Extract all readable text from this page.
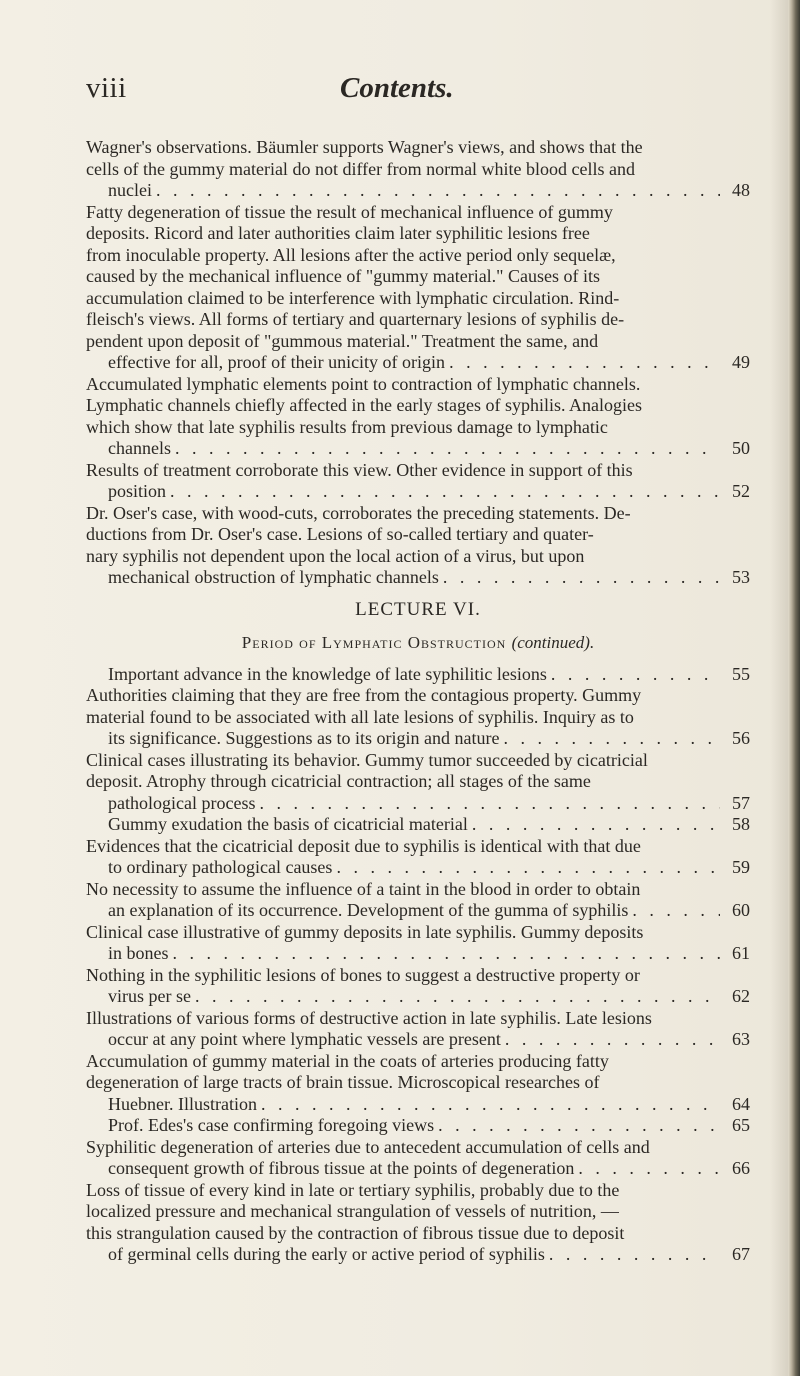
viii	Contents.
Wagner's observations. Bäumler supports Wagner's views, and shows that the
cells of the gummy material do not differ from normal white blood cells and
nuclei . . .	48
Fatty degeneration of tissue the result of mechanical influence of gummy
deposits. Ricord and later authorities claim later syphilitic lesions free
from inoculable property. All lesions after the active period only sequelæ,
caused by the mechanical influence of "gummy material." Causes of its
accumulation claimed to be interference with lymphatic circulation. Rind-
fleisch's views. All forms of tertiary and quarternary lesions of syphilis de-
pendent upon deposit of "gummous material." Treatment the same, and
effective for all, proof of their unicity of origin . . .	49
Accumulated lymphatic elements point to contraction of lymphatic channels.
Lymphatic channels chiefly affected in the early stages of syphilis. Analogies
which show that late syphilis results from previous damage to lymphatic
channels . . .	50
Results of treatment corroborate this view. Other evidence in support of this
position . . .	52
Dr. Oser's case, with wood-cuts, corroborates the preceding statements. De-
ductions from Dr. Oser's case. Lesions of so-called tertiary and quater-
nary syphilis not dependent upon the local action of a virus, but upon
mechanical obstruction of lymphatic channels . . .	53
LECTURE VI.
Period of Lymphatic Obstruction (continued).
Important advance in the knowledge of late syphilitic lesions . . .	55
Authorities claiming that they are free from the contagious property. Gummy
material found to be associated with all late lesions of syphilis. Inquiry as to
its significance. Suggestions as to its origin and nature . . .	56
Clinical cases illustrating its behavior. Gummy tumor succeeded by cicatricial
deposit. Atrophy through cicatricial contraction; all stages of the same
pathological process . . .	57
Gummy exudation the basis of cicatricial material . . .	58
Evidences that the cicatricial deposit due to syphilis is identical with that due
to ordinary pathological causes . . .	59
No necessity to assume the influence of a taint in the blood in order to obtain
an explanation of its occurrence. Development of the gumma of syphilis . . .	60
Clinical case illustrative of gummy deposits in late syphilis. Gummy deposits
in bones . . .	61
Nothing in the syphilitic lesions of bones to suggest a destructive property or
virus per se . . .	62
Illustrations of various forms of destructive action in late syphilis. Late lesions
occur at any point where lymphatic vessels are present . . .	63
Accumulation of gummy material in the coats of arteries producing fatty
degeneration of large tracts of brain tissue. Microscopical researches of
Huebner. Illustration . . .	64
Prof. Edes's case confirming foregoing views . . .	65
Syphilitic degeneration of arteries due to antecedent accumulation of cells and
consequent growth of fibrous tissue at the points of degeneration . . .	66
Loss of tissue of every kind in late or tertiary syphilis, probably due to the
localized pressure and mechanical strangulation of vessels of nutrition, —
this strangulation caused by the contraction of fibrous tissue due to deposit
of germinal cells during the early or active period of syphilis . . .	67
